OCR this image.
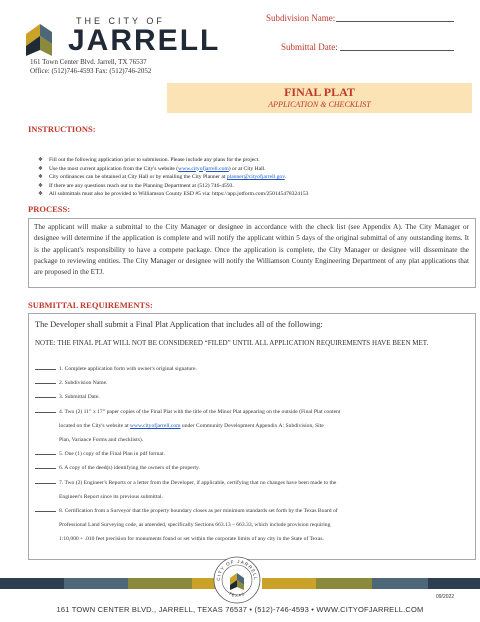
THE CITY OF
JARRELL
161 Town Center Blvd. Jarrell, TX 76537
Office: (512)746-4593 Fax: (512)746-2052
Subdivision Name:
Submittal Date:
FINAL PLAT
APPLICATION & CHECKLIST
INSTRUCTIONS:
❖ Fill out the following application prior to submission. Please include any plans for the project.
❖ Use the most current application from the City's website (www.cityofjarrell.com) or at City Hall.
❖ City ordinances can be obtained at City Hall or by emailing the City Planner at planner@cityofjarrell.gov.
❖ If there are any questions reach out to the Planning Department at (512) 746-4593.
❖ All submittals must also be provided to Williamson County ESD #5 via: https://app.jotform.com/250145478324153
PROCESS:
The applicant will make a submittal to the City Manager or designee in accordance with the check list (see Appendix A). The City Manager or designee will determine if the application is complete and will notify the applicant within 5 days of the original submittal of any outstanding items. It is the applicant's responsibility to have a compete package. Once the application is complete, the City Manager or designee will disseminate the package to reviewing entities. The City Manager or designee will notify the Williamson County Engineering Department of any plat applications that are proposed in the ETJ.
SUBMITTAL REQUIREMENTS:
The Developer shall submit a Final Plat Application that includes all of the following:
NOTE: THE FINAL PLAT WILL NOT BE CONSIDERED “FILED” UNTIL ALL APPLICATION REQUIREMENTS HAVE BEEN MET.
1. Complete application form with owner's original signature.
2. Subdivision Name.
3. Submittal Date.
4. Two (2) 11” x 17” paper copies of the Final Plat with the title of the Minor Plat appearing on the outside (Final Plat content
located on the City's website at www.cityofjarrell.com under Community Development Appendix A: Subdivision, Site
Plan, Variance Forms and checklists).
5. One (1) copy of the Final Plan in pdf format.
6. A copy of the deed(s) identifying the owners of the property.
7. Two (2) Engineer's Reports or a letter from the Developer, if applicable, certifying that no changes have been made to the
Engineer's Report since its previous submittal.
8. Certification from a Surveyor that the property boundary closes as per minimum standards set forth by the Texas Board of
Professional Land Surveying code, as amended, specifically Sections 663.13 – 663.33, which include provision requiring
1:10,000 + .010 feet precision for monuments found or set within the corporate limits of any city in the State of Texas.
CITY OF JARRELL
TEXAS
09/2022
161 TOWN CENTER BLVD., JARRELL, TEXAS 76537 • (512)-746-4593 • WWW.CITYOFJARRELL.COM
